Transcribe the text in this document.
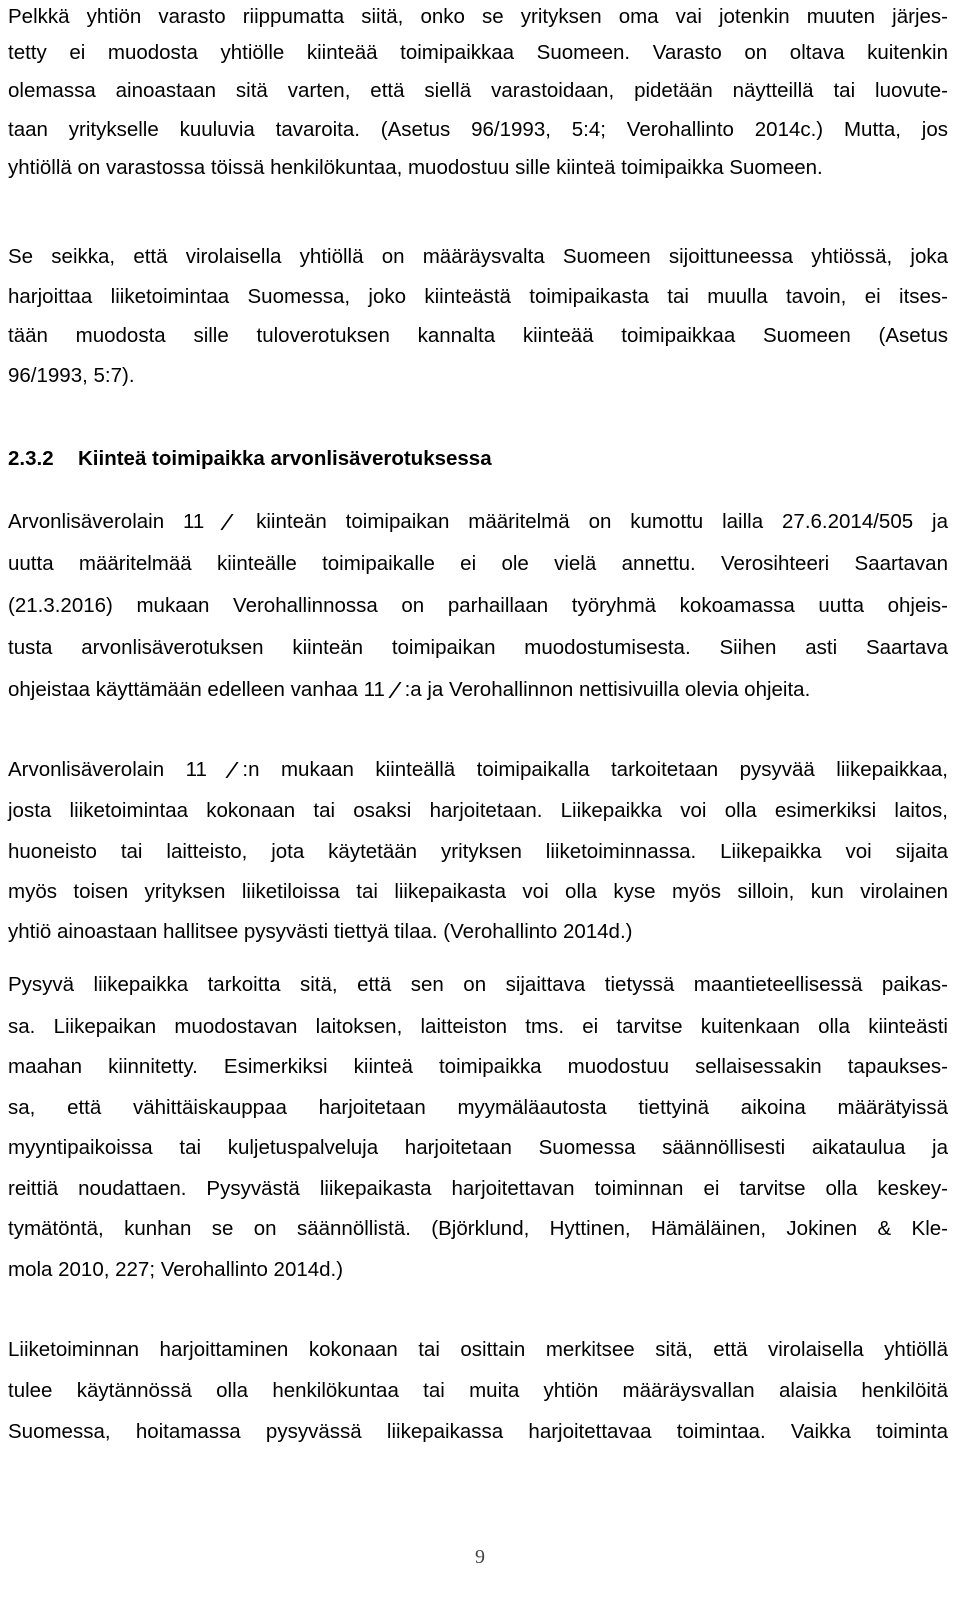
Pelkkä yhtiön varasto riippumatta siitä, onko se yrityksen oma vai jotenkin muuten järjes-
tetty ei muodosta yhtiölle kiinteää toimipaikkaa Suomeen. Varasto on oltava kuitenkin
olemassa ainoastaan sitä varten, että siellä varastoidaan, pidetään näytteillä tai luovute-
taan yritykselle kuuluvia tavaroita. (Asetus 96/1993, 5:4; Verohallinto 2014c.) Mutta, jos
yhtiöllä on varastossa töissä henkilökuntaa, muodostuu sille kiinteä toimipaikka Suomeen.
Se seikka, että virolaisella yhtiöllä on määräysvalta Suomeen sijoittuneessa yhtiössä, joka
harjoittaa liiketoimintaa Suomessa, joko kiinteästä toimipaikasta tai muulla tavoin, ei itses-
tään muodosta sille tuloverotuksen kannalta kiinteää toimipaikkaa Suomeen (Asetus
96/1993, 5:7).
2.3.2 Kiinteä toimipaikka arvonlisäverotuksessa
Arvonlisäverolain 11	kiinteän toimipaikan määritelmä on kumottu lailla 27.6.2014/505 ja
uutta määritelmää kiinteälle toimipaikalle ei ole vielä annettu. Verosihteeri Saartavan
(21.3.2016) mukaan Verohallinnossa on parhaillaan työryhmä kokoamassa uutta ohjeis-
tusta arvonlisäverotuksen kiinteän toimipaikan muodostumisesta. Siihen asti Saartava
ohjeistaa käyttämään edelleen vanhaa 11 :a ja Verohallinnon nettisivuilla olevia ohjeita.
Arvonlisäverolain 11 :n mukaan kiinteällä toimipaikalla tarkoitetaan pysyvää liikepaikkaa,
josta liiketoimintaa kokonaan tai osaksi harjoitetaan. Liikepaikka voi olla esimerkiksi laitos,
huoneisto tai laitteisto, jota käytetään yrityksen liiketoiminnassa. Liikepaikka voi sijaita
myös toisen yrityksen liiketiloissa tai liikepaikasta voi olla kyse myös silloin, kun virolainen
yhtiö ainoastaan hallitsee pysyvästi tiettyä tilaa. (Verohallinto 2014d.)
Pysyvä liikepaikka tarkoitta sitä, että sen on sijaittava tietyssä maantieteellisessä paikas-
sa. Liikepaikan muodostavan laitoksen, laitteiston tms. ei tarvitse kuitenkaan olla kiinteästi
maahan kiinnitetty. Esimerkiksi kiinteä toimipaikka muodostuu sellaisessakin tapaukses-
sa, että vähittäiskauppaa harjoitetaan myymäläautosta tiettyinä aikoina määrätyissä
myyntipaikoissa tai kuljetuspalveluja harjoitetaan Suomessa säännöllisesti aikataulua ja
reittiä noudattaen. Pysyvästä liikepaikasta harjoitettavan toiminnan ei tarvitse olla keskey-
tymätöntä, kunhan se on säännöllistä. (Björklund, Hyttinen, Hämäläinen, Jokinen & Kle-
mola 2010, 227; Verohallinto 2014d.)
Liiketoiminnan harjoittaminen kokonaan tai osittain merkitsee sitä, että virolaisella yhtiöllä
tulee käytännössä olla henkilökuntaa tai muita yhtiön määräysvallan alaisia henkilöitä
Suomessa, hoitamassa pysyvässä liikepaikassa harjoitettavaa toimintaa. Vaikka toiminta
9
